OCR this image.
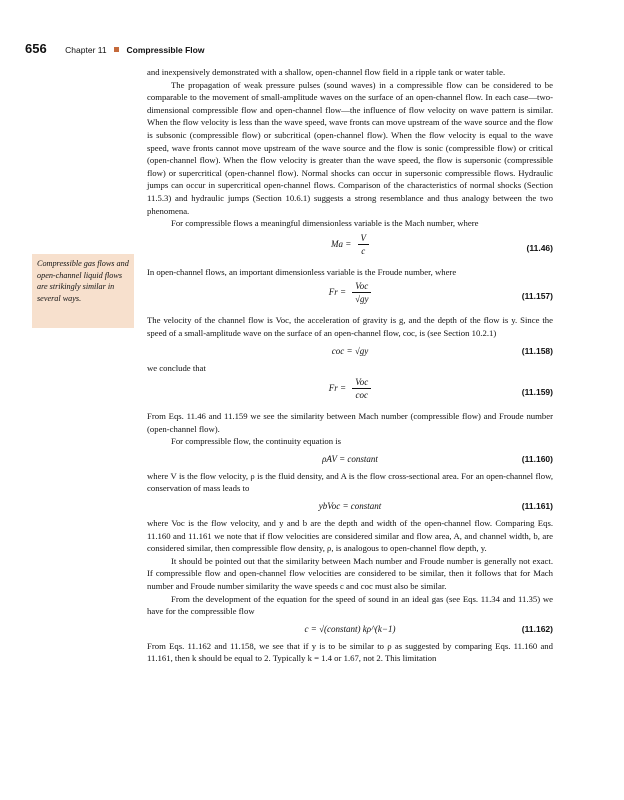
656 Chapter 11 Compressible Flow
Compressible gas flows and open-channel liquid flows are strikingly similar in several ways.

and inexpensively demonstrated with a shallow, open-channel flow field in a ripple tank or water table.

The propagation of weak pressure pulses (sound waves) in a compressible flow can be considered to be comparable to the movement of small-amplitude waves on the surface of an open-channel flow. In each case—two-dimensional compressible flow and open-channel flow—the influence of flow velocity on wave pattern is similar. When the flow velocity is less than the wave speed, wave fronts can move upstream of the wave source and the flow is subsonic (compressible flow) or subcritical (open-channel flow). When the flow velocity is equal to the wave speed, wave fronts cannot move upstream of the wave source and the flow is sonic (compressible flow) or critical (open-channel flow). When the flow velocity is greater than the wave speed, the flow is supersonic (compressible flow) or supercritical (open-channel flow). Normal shocks can occur in supersonic compressible flows. Hydraulic jumps can occur in supercritical open-channel flows. Comparison of the characteristics of normal shocks (Section 11.5.3) and hydraulic jumps (Section 10.6.1) suggests a strong resemblance and thus analogy between the two phenomena.

For compressible flows a meaningful dimensionless variable is the Mach number, where

$Ma = \frac{V}{c}$	(11.46)

In open-channel flows, an important dimensionless variable is the Froude number, where

$Fr = \frac{\text{Voc}}{√gy}$	(11.157)

The velocity of the channel flow is Voc, the acceleration of gravity is g, and the depth of the flow is y. Since the speed of a small-amplitude wave on the surface of an open-channel flow, coc, is (see Section 10.2.1)

coc = √gy	(11.158)

we conclude that

$Fr = \frac{\text{Voc}}{\text{coc}}$	(11.159)

From Eqs. 11.46 and 11.159 we see the similarity between Mach number (compressible flow) and Froude number (open-channel flow).

For compressible flow, the continuity equation is

ρAV = constant	(11.160)

where V is the flow velocity, ρ is the fluid density, and A is the flow cross-sectional area. For an open-channel flow, conservation of mass leads to

ybVoc = constant	(11.161)

where Voc is the flow velocity, and y and b are the depth and width of the open-channel flow. Comparing Eqs. 11.160 and 11.161 we note that if flow velocities are considered similar and flow area, A, and channel width, b, are considered similar, then compressible flow density, ρ, is analogous to open-channel flow depth, y.

It should be pointed out that the similarity between Mach number and Froude number is generally not exact. If compressible flow and open-channel flow velocities are considered to be similar, then it follows that for Mach number and Froude number similarity the wave speeds c and coc must also be similar.

From the development of the equation for the speed of sound in an ideal gas (see Eqs. 11.34 and 11.35) we have for the compressible flow

c = √(constant) kρ^(k−1)	(11.162)

From Eqs. 11.162 and 11.158, we see that if y is to be similar to ρ as suggested by comparing Eqs. 11.160 and 11.161, then k should be equal to 2. Typically k = 1.4 or 1.67, not 2. This limitation
